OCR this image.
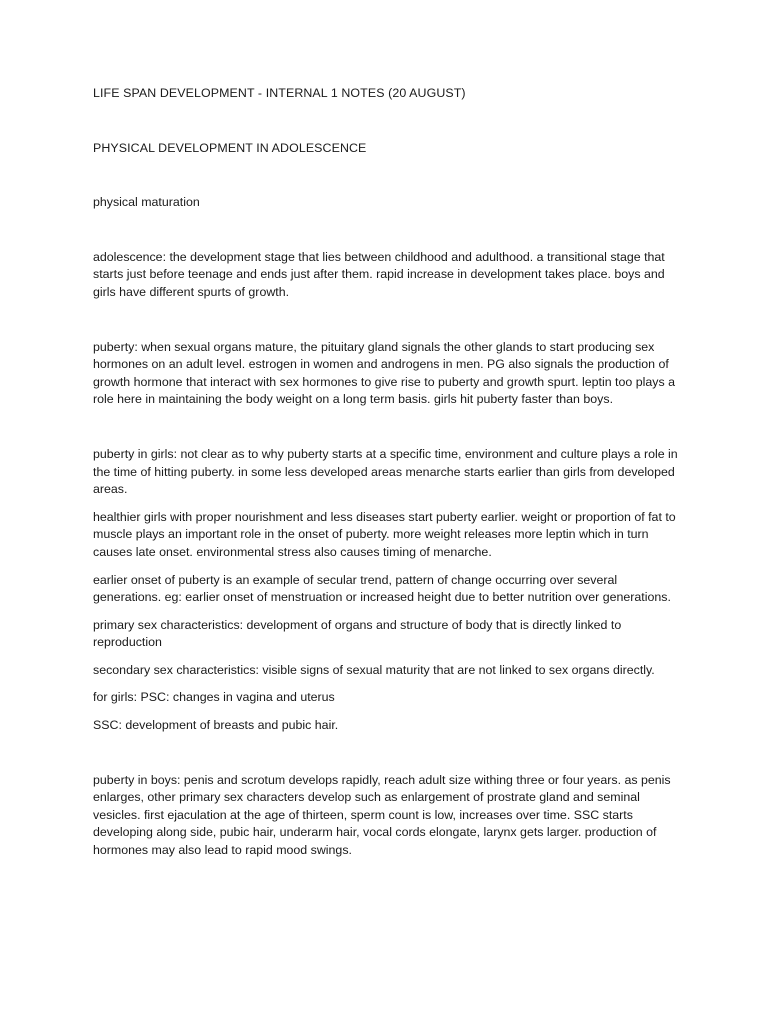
LIFE SPAN DEVELOPMENT - INTERNAL 1 NOTES (20 AUGUST)

PHYSICAL DEVELOPMENT IN ADOLESCENCE

physical maturation

adolescence: the development stage that lies between childhood and adulthood. a transitional stage that starts just before teenage and ends just after them. rapid increase in development takes place. boys and girls have different spurts of growth.

puberty: when sexual organs mature, the pituitary gland signals the other glands to start producing sex hormones on an adult level. estrogen in women and androgens in men. PG also signals the production of growth hormone that interact with sex hormones to give rise to puberty and growth spurt. leptin too plays a role here in maintaining the body weight on a long term basis. girls hit puberty faster than boys.

puberty in girls: not clear as to why puberty starts at a specific time, environment and culture plays a role in the time of hitting puberty. in some less developed areas menarche starts earlier than girls from developed areas.

healthier girls with proper nourishment and less diseases start puberty earlier. weight or proportion of fat to muscle plays an important role in the onset of puberty. more weight releases more leptin which in turn causes late onset. environmental stress also causes timing of menarche.

earlier onset of puberty is an example of secular trend, pattern of change occurring over several generations. eg: earlier onset of menstruation or increased height due to better nutrition over generations.

primary sex characteristics: development of organs and structure of body that is directly linked to reproduction

secondary sex characteristics: visible signs of sexual maturity that are not linked to sex organs directly.

for girls: PSC: changes in vagina and uterus

SSC: development of breasts and pubic hair.

puberty in boys: penis and scrotum develops rapidly, reach adult size withing three or four years. as penis enlarges, other primary sex characters develop such as enlargement of prostrate gland and seminal vesicles. first ejaculation at the age of thirteen, sperm count is low, increases over time. SSC starts developing along side, pubic hair, underarm hair, vocal cords elongate, larynx gets larger. production of hormones may also lead to rapid mood swings.
